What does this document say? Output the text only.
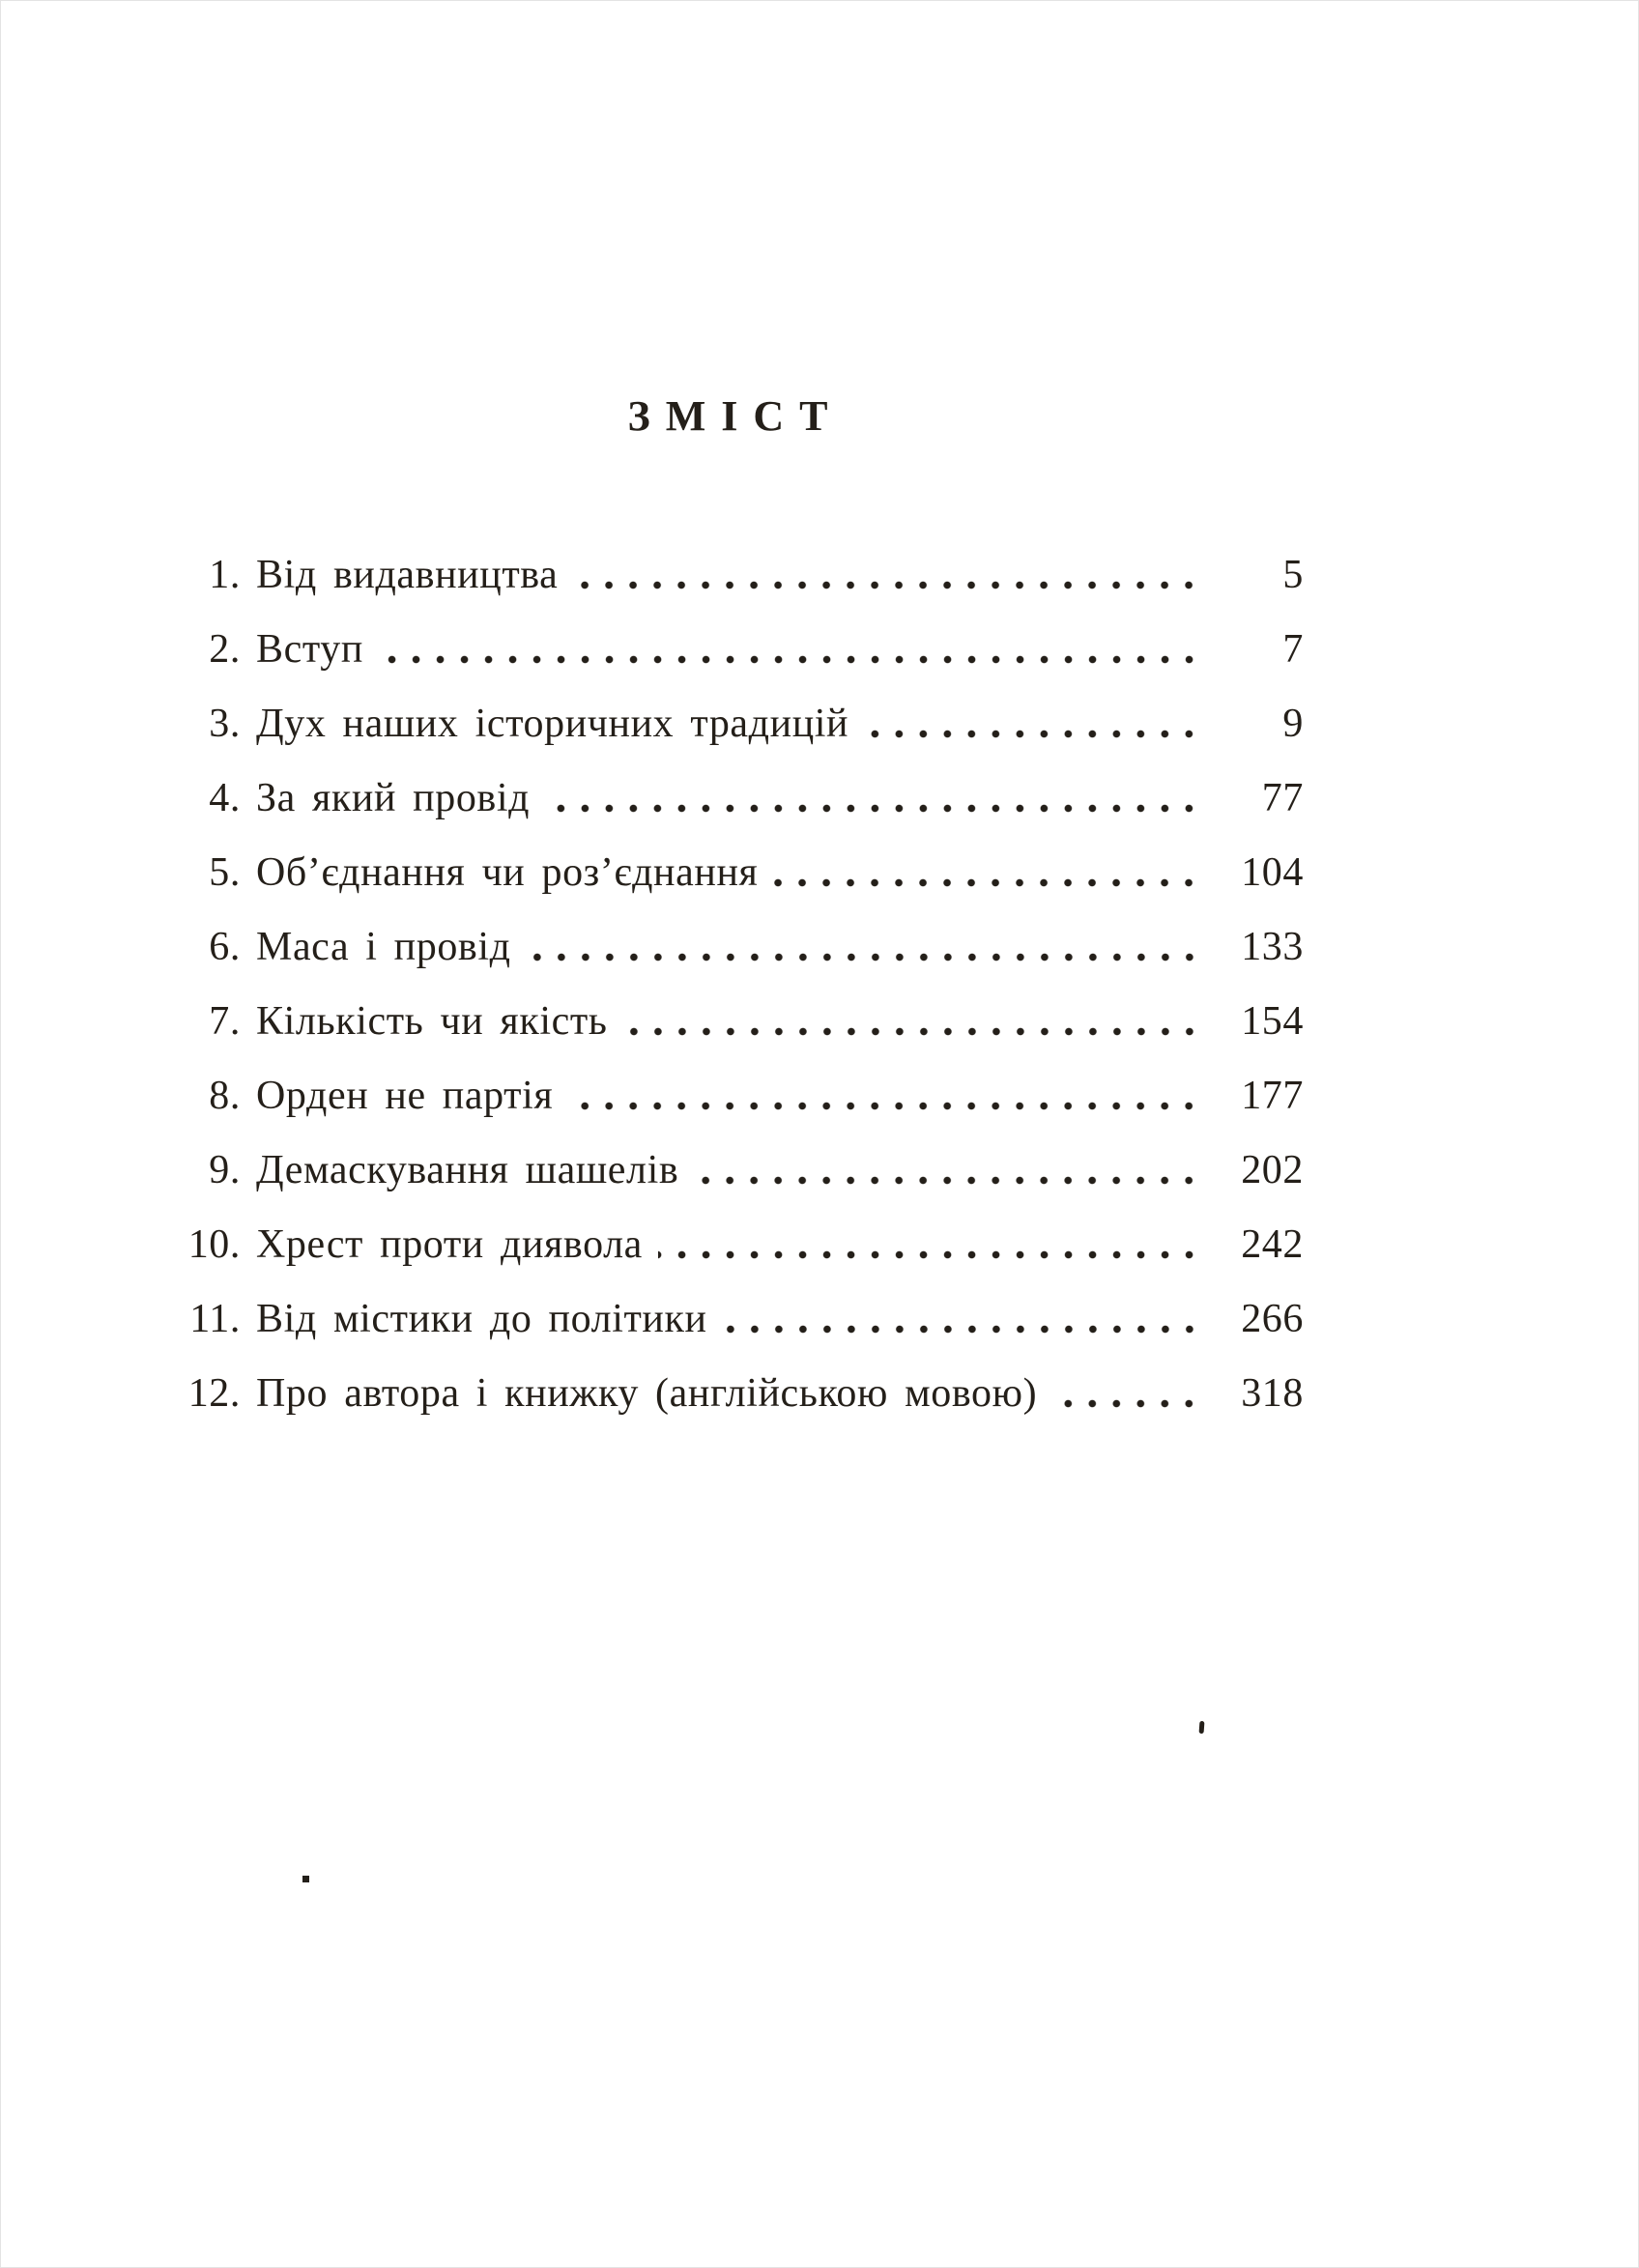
ЗМІСТ
1. Від видавництва	5
2. Вступ	7
3. Дух наших історичних традицій	9
4. За який провід	77
5. Об’єднання чи роз’єднання	104
6. Маса і провід	133
7. Кількість чи якість	154
8. Орден не партія	177
9. Демаскування шашелів	202
10. Хрест проти диявола	242
11. Від містики до політики	266
12. Про автора і книжку (англійською мовою)	318
